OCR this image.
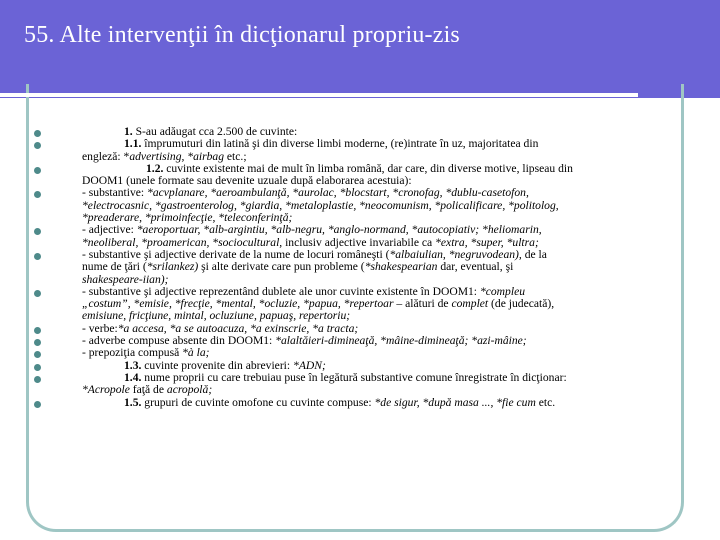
55. Alte intervenţii în dicţionarul propriu-zis
1. S-au adăugat cca 2.500 de cuvinte:
1.1. împrumuturi din latină şi din diverse limbi moderne, (re)intrate în uz, majoritatea din
engleză: *advertising, *airbag etc.;
1.2. cuvinte existente mai de mult în limba română, dar care, din diverse motive, lipseau din
DOOM1 (unele formate sau devenite uzuale după elaborarea acestuia):
- substantive: *acvplanare, *aeroambulanţă, *aurolac, *blocstart, *cronofag, *dublu-casetofon,
*electrocasnic, *gastroenterolog, *giardia, *metaloplastie, *neocomunism, *policalificare, *politolog,
*preaderare, *primoinfecţie, *teleconferinţă;
- adjective: *aeroportuar, *alb-argintiu, *alb-negru, *anglo-normand, *autocopiativ; *heliomarin,
*neoliberal, *proamerican, *sociocultural, inclusiv adjective invariabile ca *extra, *super, *ultra;
- substantive şi adjective derivate de la nume de locuri româneşti (*albaiulian, *negruvodean), de la
nume de ţări (*srilankez) şi alte derivate care pun probleme (*shakespearian dar, eventual, şi
shakespeare-iian);
- substantive şi adjective reprezentând dublete ale unor cuvinte existente în DOOM1: *compleu
„costum”, *emisie, *frecţie, *mental, *ocluzie, *papua, *repertoar – alături de complet (de judecată),
emisiune, fricţiune, mintal, ocluziune, papuaş, repertoriu;
- verbe:*a accesa, *a se autoacuza, *a exinscrie, *a tracta;
- adverbe compuse absente din DOOM1: *alaltăieri-dimineaţă, *mâine-dimineaţă; *azi-mâine;
- prepoziţia compusă *à la;
1.3. cuvinte provenite din abrevieri: *ADN;
1.4. nume proprii cu care trebuiau puse în legătură substantive comune înregistrate în dicţionar:
*Acropole faţă de acropolă;
1.5. grupuri de cuvinte omofone cu cuvinte compuse: *de sigur, *după masa ..., *fie cum etc.
